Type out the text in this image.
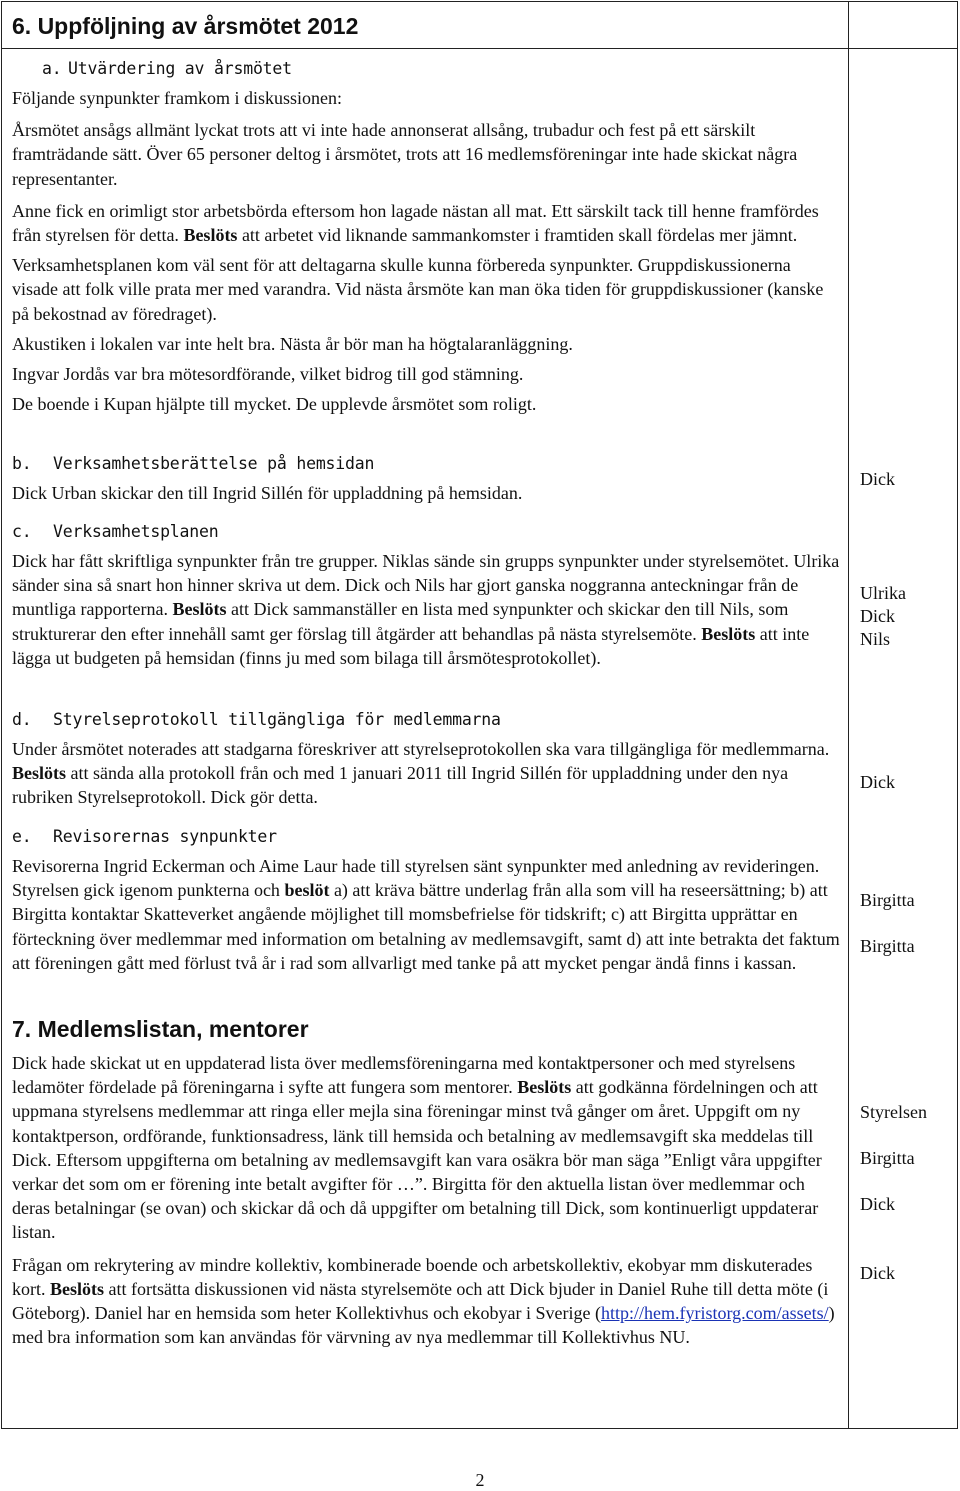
6. Uppföljning av årsmötet 2012
a. Utvärdering av årsmötet

Följande synpunkter framkom i diskussionen:

Årsmötet ansågs allmänt lyckat trots att vi inte hade annonserat allsång, trubadur och fest på ett särskilt framträdande sätt. Över 65 personer deltog i årsmötet, trots att 16 medlemsföreningar inte hade skickat några representanter.

Anne fick en orimligt stor arbetsbörda eftersom hon lagade nästan all mat. Ett särskilt tack till henne framfördes från styrelsen för detta. Beslöts att arbetet vid liknande sammankomster i framtiden skall fördelas mer jämnt.

Verksamhetsplanen kom väl sent för att deltagarna skulle kunna förbereda synpunkter. Gruppdiskussionerna visade att folk ville prata mer med varandra. Vid nästa årsmöte kan man öka tiden för gruppdiskussioner (kanske på bekostnad av föredraget).

Akustiken i lokalen var inte helt bra. Nästa år bör man ha högtalaranläggning.

Ingvar Jordås var bra mötesordförande, vilket bidrog till god stämning.

De boende i Kupan hjälpte till mycket. De upplevde årsmötet som roligt.

b. Verksamhetsberättelse på hemsidan

Dick Urban skickar den till Ingrid Sillén för uppladdning på hemsidan.

Dick
c. Verksamhetsplanen

Dick har fått skriftliga synpunkter från tre grupper. Niklas sände sin grupps synpunkter under styrelsemötet. Ulrika sänder sina så snart hon hinner skriva ut dem. Dick och Nils har gjort ganska noggranna anteckningar från de muntliga rapporterna. Beslöts att Dick sammanställer en lista med synpunkter och skickar den till Nils, som strukturerar den efter innehåll samt ger förslag till åtgärder att behandlas på nästa styrelsemöte. Beslöts att inte lägga ut budgeten på hemsidan (finns ju med som bilaga till årsmötesprotokollet).

Ulrika
Dick
Nils
d. Styrelseprotokoll tillgängliga för medlemmarna

Under årsmötet noterades att stadgarna föreskriver att styrelseprotokollen ska vara tillgängliga för medlemmarna. Beslöts att sända alla protokoll från och med 1 januari 2011 till Ingrid Sillén för uppladdning under den nya rubriken Styrelseprotokoll. Dick gör detta.

Dick
e. Revisorernas synpunkter

Revisorerna Ingrid Eckerman och Aime Laur hade till styrelsen sänt synpunkter med anledning av revideringen. Styrelsen gick igenom punkterna och beslöt a) att kräva bättre underlag från alla som vill ha reseersättning; b) att Birgitta kontaktar Skatteverket angående möjlighet till momsbefrielse för tidskrift; c) att Birgitta upprättar en förteckning över medlemmar med information om betalning av medlemsavgift, samt d) att inte betrakta det faktum att föreningen gått med förlust två år i rad som allvarligt med tanke på att mycket pengar ändå finns i kassan.

Birgitta
Birgitta
7. Medlemslistan, mentorer

Dick hade skickat ut en uppdaterad lista över medlemsföreningarna med kontaktpersoner och med styrelsens ledamöter fördelade på föreningarna i syfte att fungera som mentorer. Beslöts att godkänna fördelningen och att uppmana styrelsens medlemmar att ringa eller mejla sina föreningar minst två gånger om året. Uppgift om ny kontaktperson, ordförande, funktionsadress, länk till hemsida och betalning av medlemsavgift ska meddelas till Dick. Eftersom uppgifterna om betalning av medlemsavgift kan vara osäkra bör man säga ”Enligt våra uppgifter verkar det som om er förening inte betalt avgifter för …”. Birgitta för den aktuella listan över medlemmar och deras betalningar (se ovan) och skickar då och då uppgifter om betalning till Dick, som kontinuerligt uppdaterar listan.

Frågan om rekrytering av mindre kollektiv, kombinerade boende och arbetskollektiv, ekobyar mm diskuterades kort. Beslöts att fortsätta diskussionen vid nästa styrelsemöte och att Dick bjuder in Daniel Ruhe till detta möte (i Göteborg). Daniel har en hemsida som heter Kollektivhus och ekobyar i Sverige (http://hem.fyristorg.com/assets/) med bra information som kan användas för värvning av nya medlemmar till Kollektivhus NU.

Styrelsen
Birgitta
Dick
Dick
2
